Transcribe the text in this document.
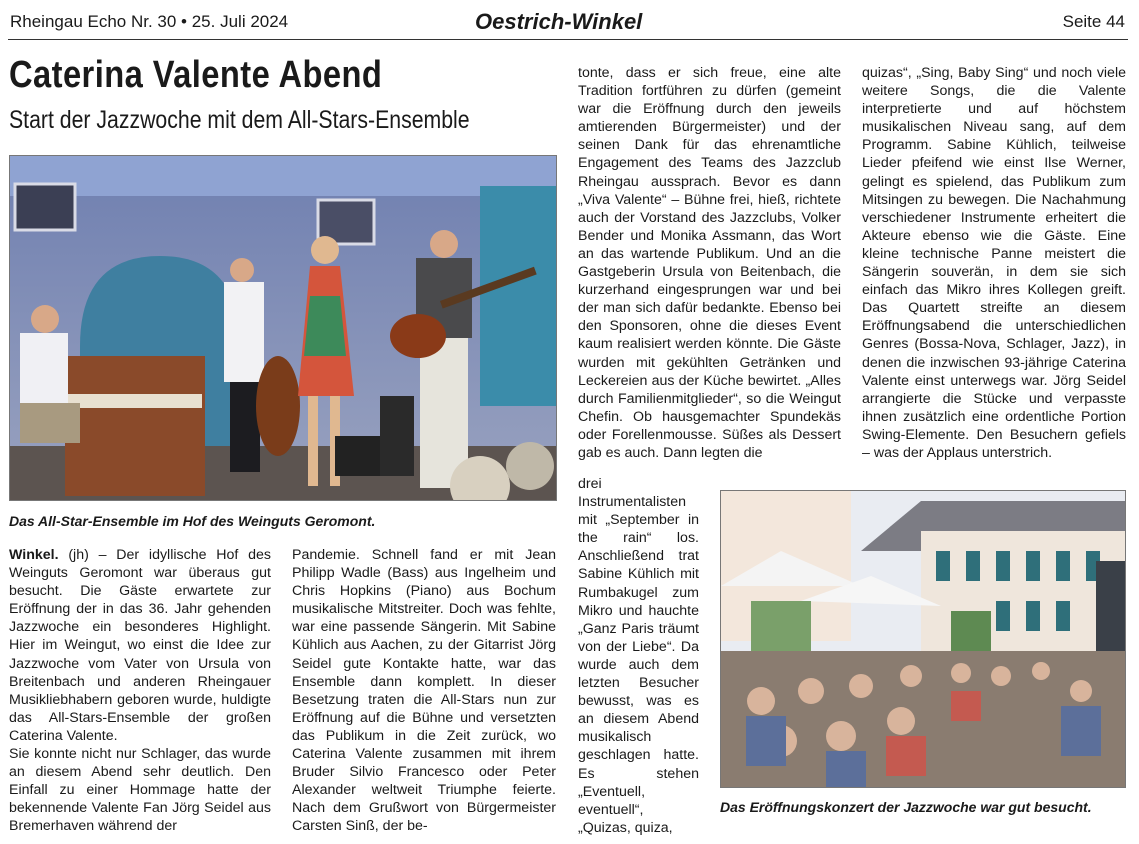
Rheingau Echo Nr. 30 • 25. Juli 2024	Oestrich-Winkel	Seite 44
Caterina Valente Abend
Start der Jazzwoche mit dem All-Stars-Ensemble
Das All-Star-Ensemble im Hof des Weinguts Geromont.

Winkel. (jh) – Der idyllische Hof des Weinguts Geromont war überaus gut besucht. Die Gäste erwartete zur Eröffnung der in das 36. Jahr gehenden Jazzwoche ein besonderes Highlight. Hier im Weingut, wo einst die Idee zur Jazzwoche vom Vater von Ursula von Breitenbach und anderen Rheingauer Musikliebhabern geboren wurde, huldigte das All-Stars-Ensemble der großen Caterina Valente.

Sie konnte nicht nur Schlager, das wurde an diesem Abend sehr deutlich. Den Einfall zu einer Hommage hatte der bekennende Valente Fan Jörg Seidel aus Bremerhaven während der

Pandemie. Schnell fand er mit Jean Philipp Wadle (Bass) aus Ingelheim und Chris Hopkins (Piano) aus Bochum musikalische Mitstreiter. Doch was fehlte, war eine passende Sängerin. Mit Sabine Kühlich aus Aachen, zu der Gitarrist Jörg Seidel gute Kontakte hatte, war das Ensemble dann komplett. In dieser Besetzung traten die All-Stars nun zur Eröffnung auf die Bühne und versetzten das Publikum in die Zeit zurück, wo Caterina Valente zusammen mit ihrem Bruder Silvio Francesco oder Peter Alexander weltweit Triumphe feierte. Nach dem Grußwort von Bürgermeister Carsten Sinß, der be-

tonte, dass er sich freue, eine alte Tradition fortführen zu dürfen (gemeint war die Eröffnung durch den jeweils amtierenden Bürgermeister) und der seinen Dank für das ehrenamtliche Engagement des Teams des Jazzclub Rheingau aussprach. Bevor es dann „Viva Valente“ – Bühne frei, hieß, richtete auch der Vorstand des Jazzclubs, Volker Bender und Monika Assmann, das Wort an das wartende Publikum. Und an die Gastgeberin Ursula von Beitenbach, die kurzerhand eingesprungen war und bei der man sich dafür bedankte. Ebenso bei den Sponsoren, ohne die dieses Event kaum realisiert werden könnte. Die Gäste wurden mit gekühlten Getränken und Leckereien aus der Küche bewirtet. „Alles durch Familienmitglieder“, so die Weingut Chefin. Ob hausgemachter Spundekäs oder Forellenmousse. Süßes als Dessert gab es auch. Dann legten die

drei Instrumentalisten mit „September in the rain“ los. Anschließend trat Sabine Kühlich mit Rumbakugel zum Mikro und hauchte „Ganz Paris träumt von der Liebe“. Da wurde auch dem letzten Besucher bewusst, was es an diesem Abend musikalisch geschlagen hatte. Es stehen „Eventuell, eventuell“, „Quizas, quiza,

quizas“, „Sing, Baby Sing“ und noch viele weitere Songs, die die Valente interpretierte und auf höchstem musikalischen Niveau sang, auf dem Programm. Sabine Kühlich, teilweise Lieder pfeifend wie einst Ilse Werner, gelingt es spielend, das Publikum zum Mitsingen zu bewegen. Die Nachahmung verschiedener Instrumente erheitert die Akteure ebenso wie die Gäste. Eine kleine technische Panne meistert die Sängerin souverän, in dem sie sich einfach das Mikro ihres Kollegen greift. Das Quartett streifte an diesem Eröffnungsabend die unterschiedlichen Genres (Bossa-Nova, Schlager, Jazz), in denen die inzwischen 93-jährige Caterina Valente einst unterwegs war. Jörg Seidel arrangierte die Stücke und verpasste ihnen zusätzlich eine ordentliche Portion Swing-Elemente. Den Besuchern gefiels – was der Applaus unterstrich.

Das Eröffnungskonzert der Jazzwoche war gut besucht.
